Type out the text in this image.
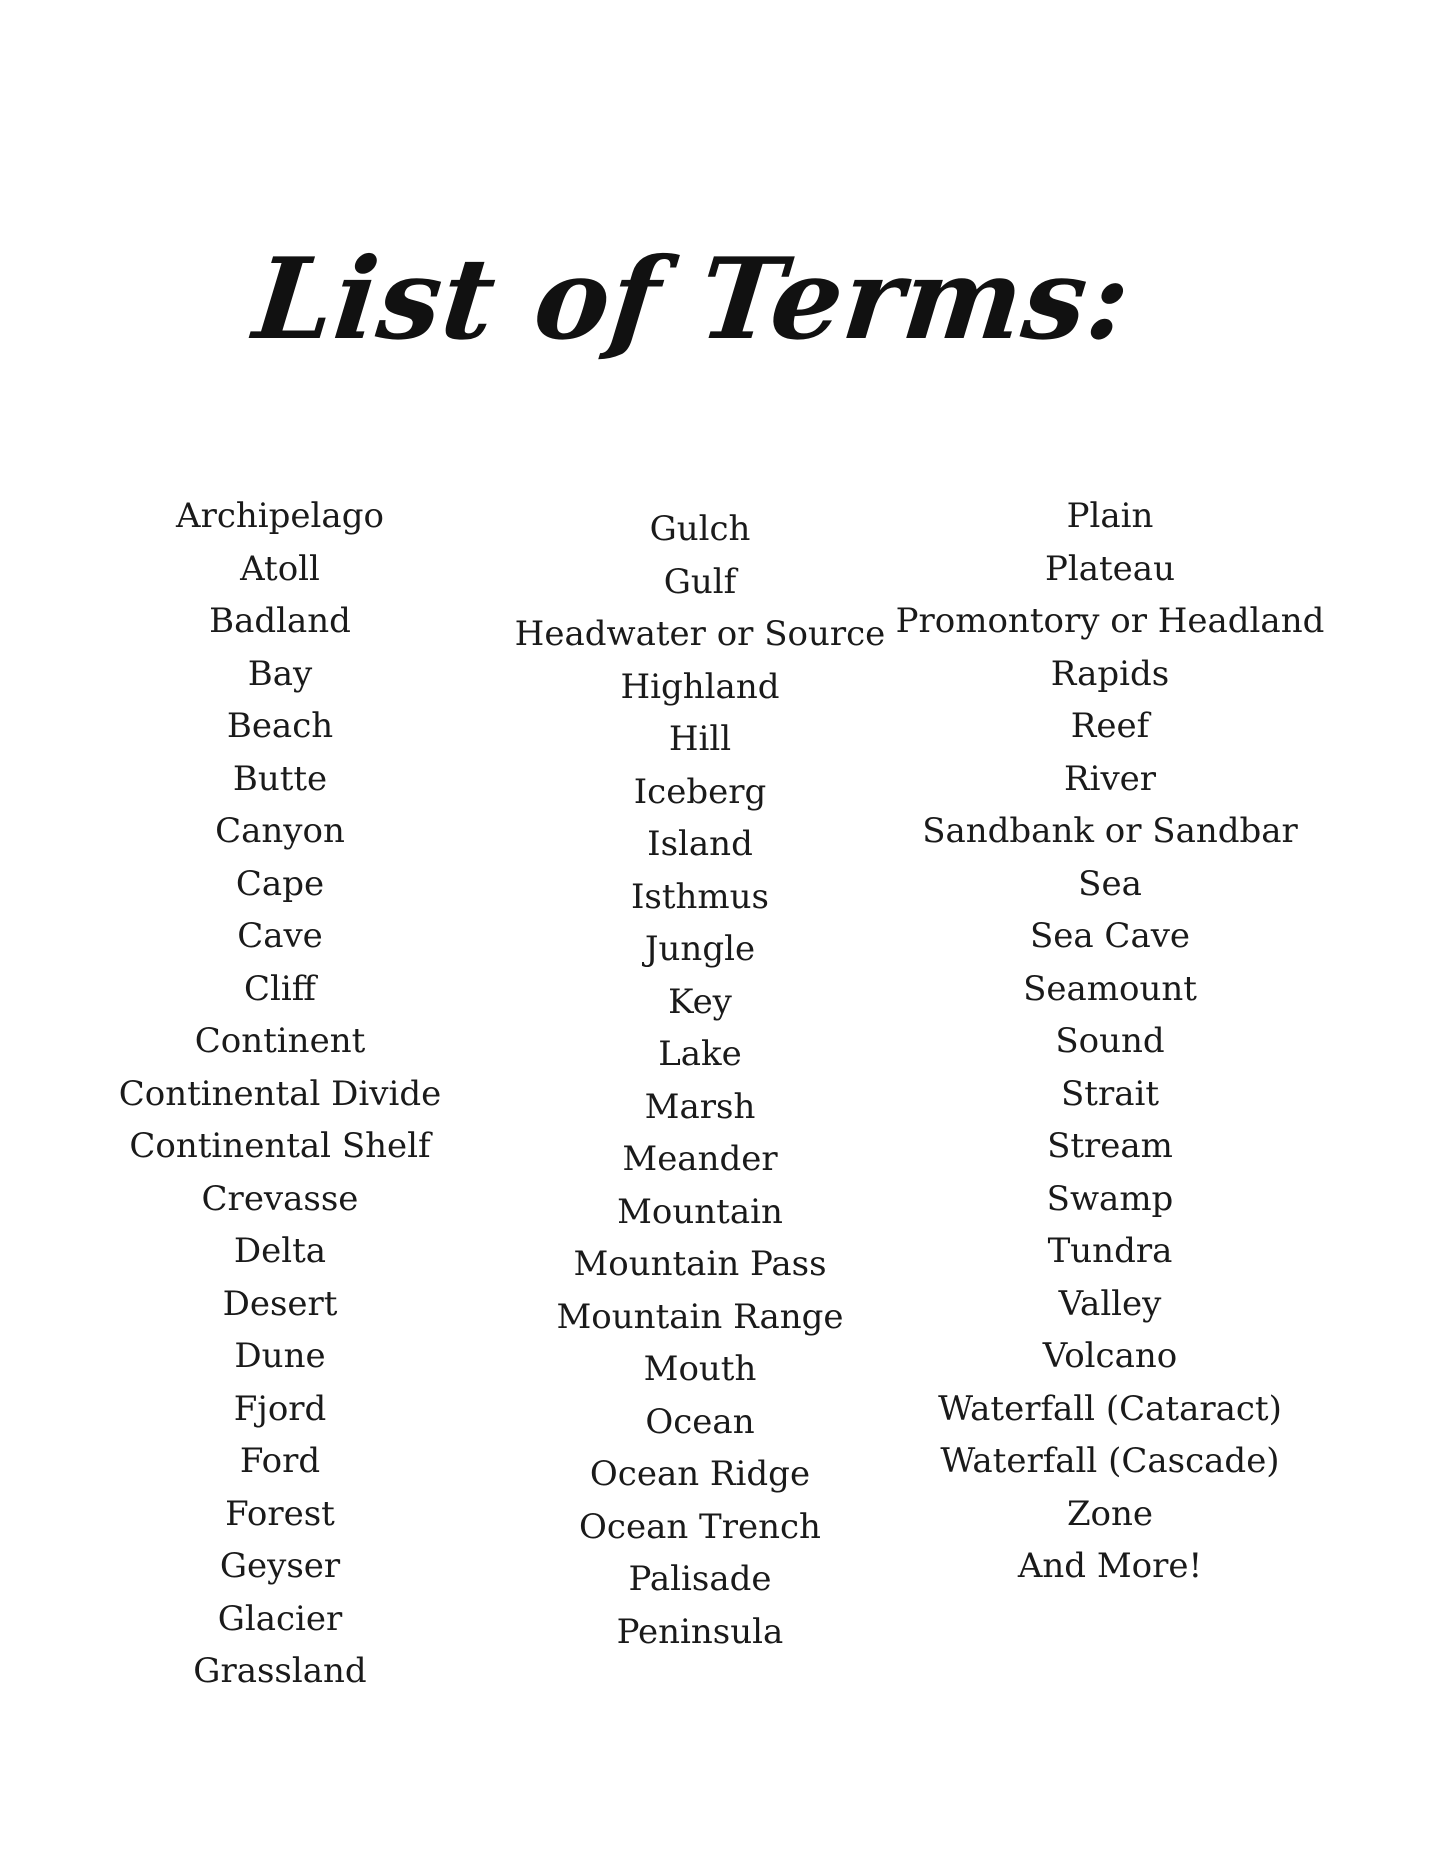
List of Terms:
Archipelago
Atoll
Badland
Bay
Beach
Butte
Canyon
Cape
Cave
Cliff
Continent
Continental Divide
Continental Shelf
Crevasse
Delta
Desert
Dune
Fjord
Ford
Forest
Geyser
Glacier
Grassland
Gulch
Gulf
Headwater or Source
Highland
Hill
Iceberg
Island
Isthmus
Jungle
Key
Lake
Marsh
Meander
Mountain
Mountain Pass
Mountain Range
Mouth
Ocean
Ocean Ridge
Ocean Trench
Palisade
Peninsula
Plain
Plateau
Promontory or Headland
Rapids
Reef
River
Sandbank or Sandbar
Sea
Sea Cave
Seamount
Sound
Strait
Stream
Swamp
Tundra
Valley
Volcano
Waterfall (Cataract)
Waterfall (Cascade)
Zone
And More!
